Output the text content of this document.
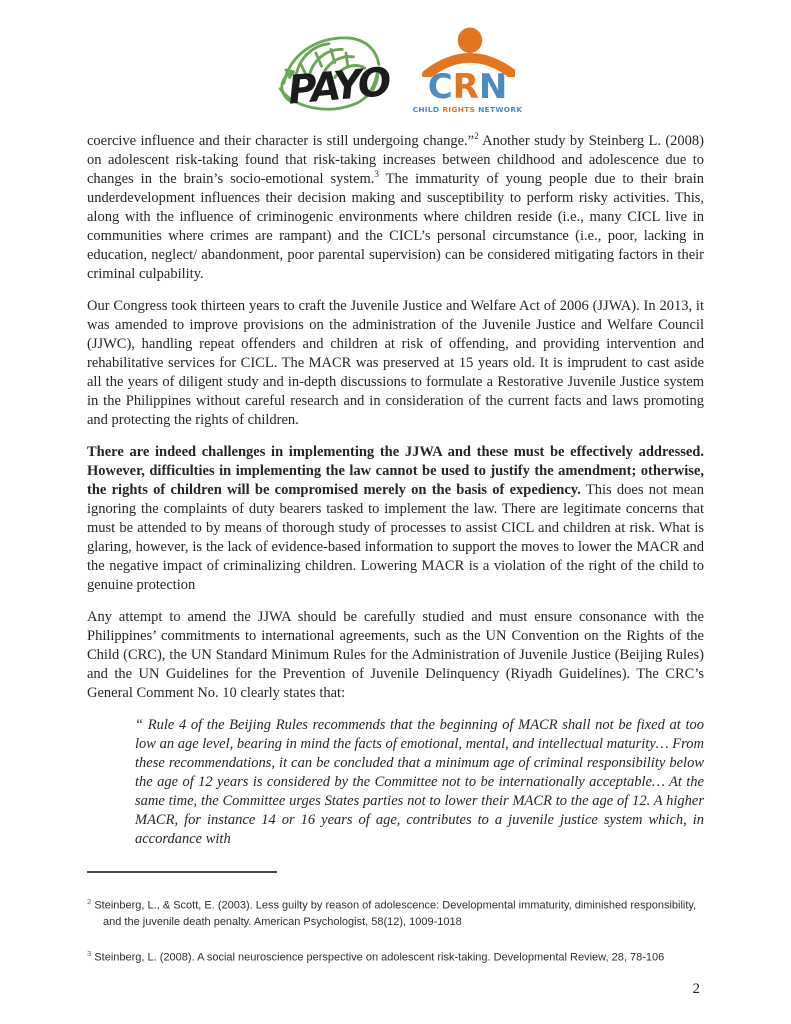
PAYO CRN
CHILD RIGHTS NETWORK

coercive influence and their character is still undergoing change.”$^2$ Another study by Steinberg L. (2008) on adolescent risk-taking found that risk-taking increases between childhood and adolescence due to changes in the brain’s socio-emotional system.$^3$ The immaturity of young people due to their brain underdevelopment influences their decision making and susceptibility to perform risky activities. This, along with the influence of criminogenic environments where children reside (i.e., many CICL live in communities where crimes are rampant) and the CICL’s personal circumstance (i.e., poor, lacking in education, neglect/ abandonment, poor parental supervision) can be considered mitigating factors in their criminal culpability.

Our Congress took thirteen years to craft the Juvenile Justice and Welfare Act of 2006 (JJWA). In 2013, it was amended to improve provisions on the administration of the Juvenile Justice and Welfare Council (JJWC), handling repeat offenders and children at risk of offending, and providing intervention and rehabilitative services for CICL. The MACR was preserved at 15 years old. It is imprudent to cast aside all the years of diligent study and in-depth discussions to formulate a Restorative Juvenile Justice system in the Philippines without careful research and in consideration of the current facts and laws promoting and protecting the rights of children.

There are indeed challenges in implementing the JJWA and these must be effectively addressed. However, difficulties in implementing the law cannot be used to justify the amendment; otherwise, the rights of children will be compromised merely on the basis of expediency. This does not mean ignoring the complaints of duty bearers tasked to implement the law. There are legitimate concerns that must be attended to by means of thorough study of processes to assist CICL and children at risk. What is glaring, however, is the lack of evidence-based information to support the moves to lower the MACR and the negative impact of criminalizing children. Lowering MACR is a violation of the right of the child to genuine protection

Any attempt to amend the JJWA should be carefully studied and must ensure consonance with the Philippines’ commitments to international agreements, such as the UN Convention on the Rights of the Child (CRC), the UN Standard Minimum Rules for the Administration of Juvenile Justice (Beijing Rules) and the UN Guidelines for the Prevention of Juvenile Delinquency (Riyadh Guidelines). The CRC’s General Comment No. 10 clearly states that:

“ Rule 4 of the Beijing Rules recommends that the beginning of MACR shall not be fixed at too low an age level, bearing in mind the facts of emotional, mental, and intellectual maturity… From these recommendations, it can be concluded that a minimum age of criminal responsibility below the age of 12 years is considered by the Committee not to be internationally acceptable… At the same time, the Committee urges States parties not to lower their MACR to the age of 12. A higher MACR, for instance 14 or 16 years of age, contributes to a juvenile justice system which, in accordance with

$^2$ Steinberg, L., & Scott, E. (2003). Less guilty by reason of adolescence: Developmental immaturity, diminished responsibility, and the juvenile death penalty. American Psychologist, 58(12), 1009-1018
$^3$ Steinberg, L. (2008). A social neuroscience perspective on adolescent risk-taking. Developmental Review, 28, 78-106
2
